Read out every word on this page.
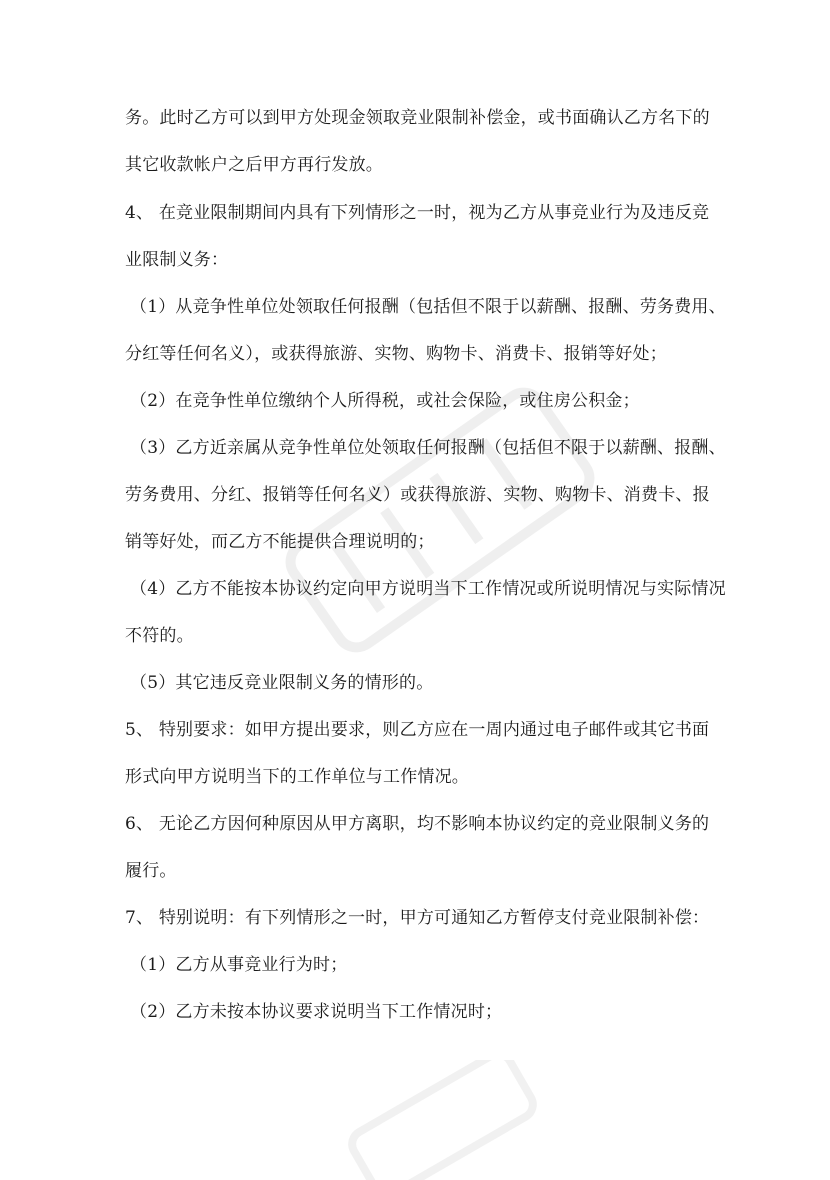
务。此时乙方可以到甲方处现金领取竞业限制补偿金，或书面确认乙方名下的
其它收款帐户之后甲方再行发放。
4、 在竞业限制期间内具有下列情形之一时，视为乙方从事竞业行为及违反竞
业限制义务：
（1）从竞争性单位处领取任何报酬（包括但不限于以薪酬、报酬、劳务费用、
分红等任何名义），或获得旅游、实物、购物卡、消费卡、报销等好处；
（2）在竞争性单位缴纳个人所得税，或社会保险，或住房公积金；
（3）乙方近亲属从竞争性单位处领取任何报酬（包括但不限于以薪酬、报酬、
劳务费用、分红、报销等任何名义）或获得旅游、实物、购物卡、消费卡、报
销等好处，而乙方不能提供合理说明的；
（4）乙方不能按本协议约定向甲方说明当下工作情况或所说明情况与实际情况
不符的。
（5）其它违反竞业限制义务的情形的。
5、 特别要求：如甲方提出要求，则乙方应在一周内通过电子邮件或其它书面
形式向甲方说明当下的工作单位与工作情况。
6、 无论乙方因何种原因从甲方离职，均不影响本协议约定的竞业限制义务的
履行。
7、 特别说明：有下列情形之一时，甲方可通知乙方暂停支付竞业限制补偿：
（1）乙方从事竞业行为时；
（2）乙方未按本协议要求说明当下工作情况时；
